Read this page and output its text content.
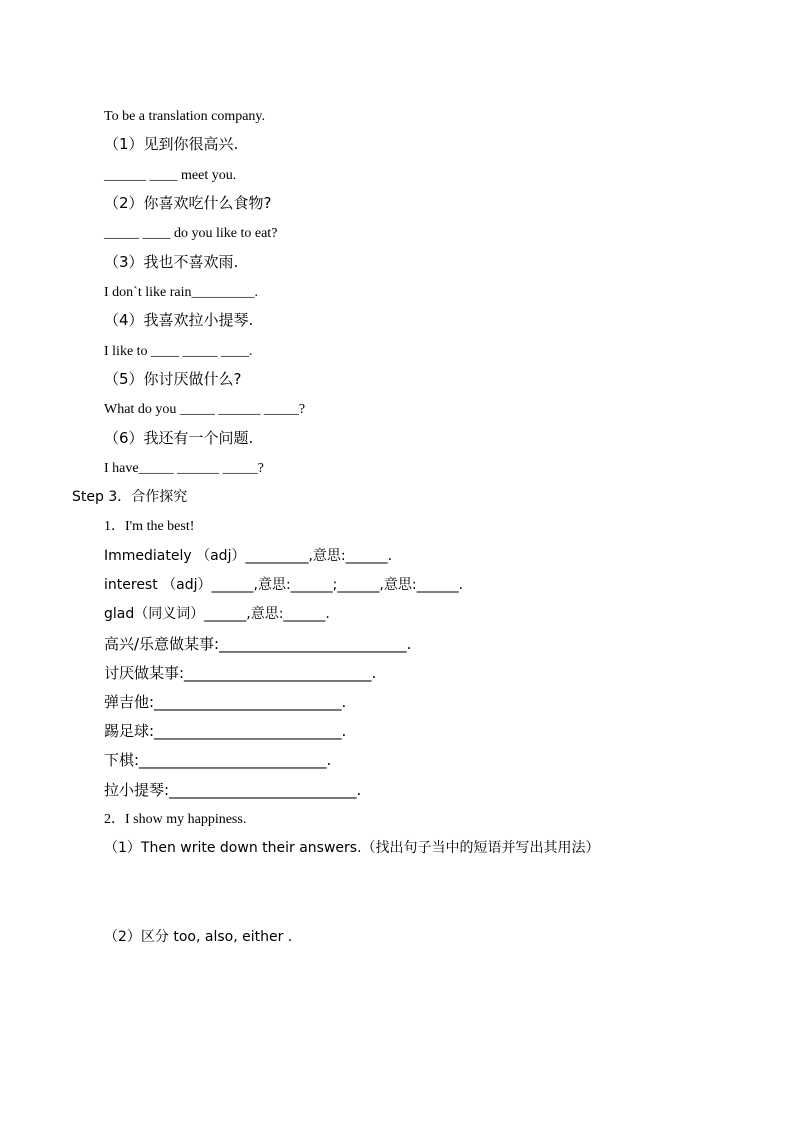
To be a translation company.
（1）见到你很高兴.
______ ____ meet you.
（2）你喜欢吃什么食物?
_____ ____ do you like to eat?
（3）我也不喜欢雨.
I don`t like rain_________.
（4）我喜欢拉小提琴.
I like to ____ _____ ____.
（5）你讨厌做什么?
What do you _____ ______ _____?
（6）我还有一个问题.
I have_____ ______ _____?
Step 3．合作探究
1．I'm the best!
Immediately （adj）_________,意思:______.
interest （adj）______,意思:______;______,意思:______.
glad（同义词）______,意思:______.
高兴/乐意做某事:_________________________.
讨厌做某事:_________________________.
弹吉他:_________________________.
踢足球:_________________________.
下棋:_________________________.
拉小提琴:_________________________.
2．I show my happiness.
（1）Then write down their answers.（找出句子当中的短语并写出其用法）
（2）区分 too, also, either .
